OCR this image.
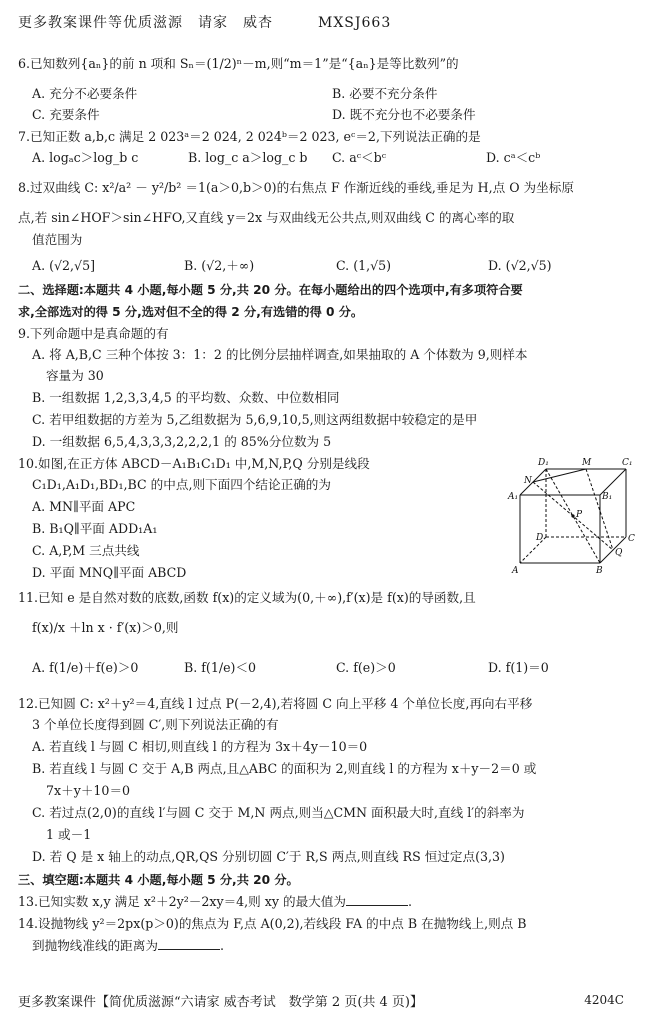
更多教案课件等优质滋源　请家　威杏　　　MXSJ663
6.已知数列{aₙ}的前 n 项和 Sₙ＝(1/2)ⁿ－m,则“m＝1”是“{aₙ}是等比数列”的
A. 充分不必要条件	B. 必要不充分条件
C. 充要条件	D. 既不充分也不必要条件
7.已知正数 a,b,c 满足 2 023ᵃ＝2 024, 2 024ᵇ＝2 023, eᶜ＝2,下列说法正确的是
A. logₐc＞log_b c	B. log_c a＞log_c b C. aᶜ＜bᶜ	D. cᵃ＜cᵇ
8.过双曲线 C: x²/a² － y²/b² ＝1(a＞0,b＞0)的右焦点 F 作渐近线的垂线,垂足为 H,点 O 为坐标原
点,若 sin∠HOF＞sin∠HFO,又直线 y＝2x 与双曲线无公共点,则双曲线 C 的离心率的取
值范围为
A. (√2,√5]	B. (√2,＋∞)	C. (1,√5)	D. (√2,√5)
二、选择题:本题共 4 小题,每小题 5 分,共 20 分。在每小题给出的四个选项中,有多项符合要
求,全部选对的得 5 分,选对但不全的得 2 分,有选错的得 0 分。
9.下列命题中是真命题的有
A. 将 A,B,C 三种个体按 3：1：2 的比例分层抽样调查,如果抽取的 A 个体数为 9,则样本
容量为 30
B. 一组数据 1,2,3,3,4,5 的平均数、众数、中位数相同
C. 若甲组数据的方差为 5,乙组数据为 5,6,9,10,5,则这两组数据中较稳定的是甲
D. 一组数据 6,5,4,3,3,3,2,2,2,1 的 85%分位数为 5
10.如图,在正方体 ABCD－A₁B₁C₁D₁ 中,M,N,P,Q 分别是线段
C₁D₁,A₁D₁,BD₁,BC 的中点,则下面四个结论正确的为
A. MN∥平面 APC
B. B₁Q∥平面 ADD₁A₁
C. A,P,M 三点共线
D. 平面 MNQ∥平面 ABCD
D₁	M	C₁
A₁	B₁
N
P
D	C
Q
A	B
11.已知 e 是自然对数的底数,函数 f(x)的定义域为(0,＋∞),f′(x)是 f(x)的导函数,且
f(x)/x ＋ln x · f′(x)＞0,则
A. f(1/e)＋f(e)＞0	B. f(1/e)＜0	C. f(e)＞0	D. f(1)＝0
12.已知圆 C: x²＋y²＝4,直线 l 过点 P(－2,4),若将圆 C 向上平移 4 个单位长度,再向右平移
3 个单位长度得到圆 C′,则下列说法正确的有
A. 若直线 l 与圆 C 相切,则直线 l 的方程为 3x＋4y－10＝0
B. 若直线 l 与圆 C 交于 A,B 两点,且△ABC 的面积为 2,则直线 l 的方程为 x＋y－2＝0 或
7x＋y＋10＝0
C. 若过点(2,0)的直线 l′与圆 C 交于 M,N 两点,则当△CMN 面积最大时,直线 l′的斜率为
1 或－1
D. 若 Q 是 x 轴上的动点,QR,QS 分别切圆 C′于 R,S 两点,则直线 RS 恒过定点(3,3)
三、填空题:本题共 4 小题,每小题 5 分,共 20 分。
13.已知实数 x,y 满足 x²＋2y²－2xy＝4,则 xy 的最大值为	.
14.设抛物线 y²＝2px(p＞0)的焦点为 F,点 A(0,2),若线段 FA 的中点 B 在抛物线上,则点 B
到抛物线准线的距离为	.
更多教案课件【简优质滋源“六请家 威杏考试　数学第 2 页(共 4 页)】	4204C
